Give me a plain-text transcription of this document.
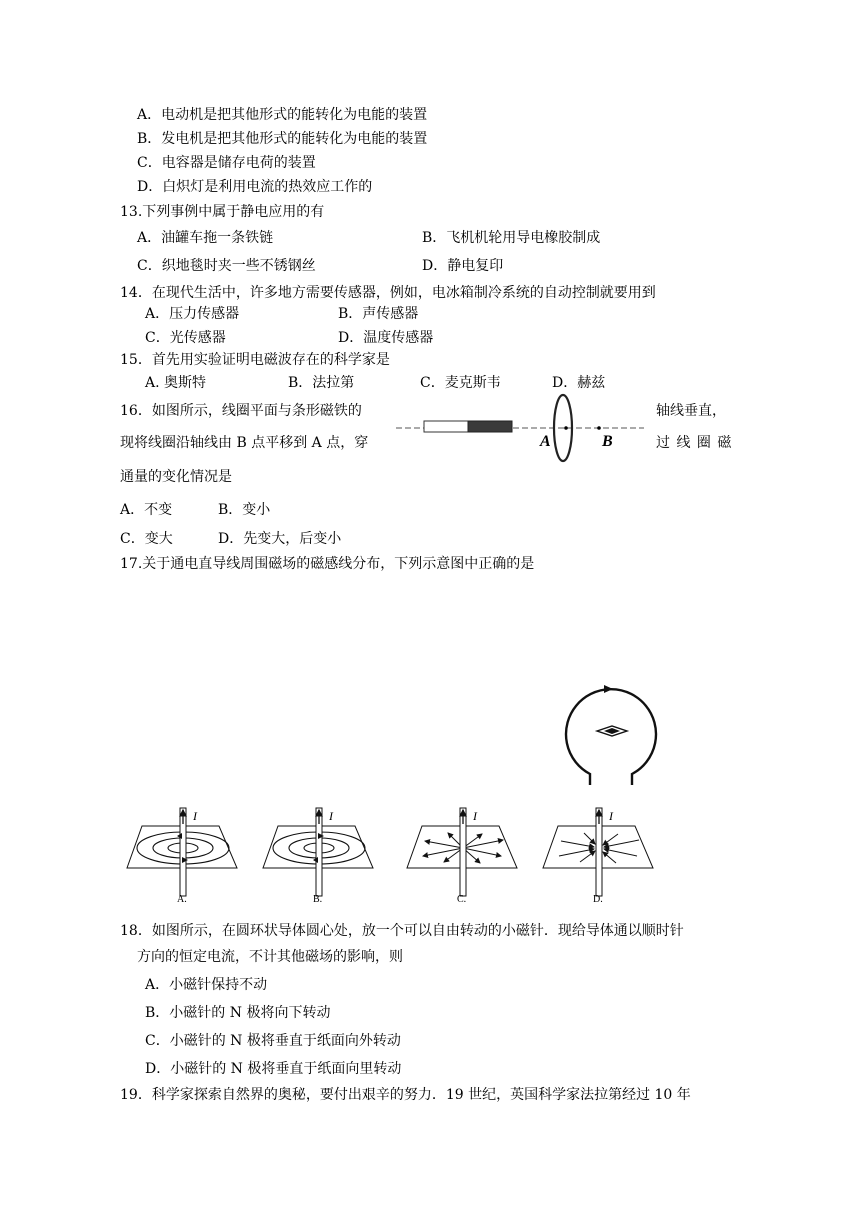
A．电动机是把其他形式的能转化为电能的装置
B．发电机是把其他形式的能转化为电能的装置
C．电容器是储存电荷的装置
D．白炽灯是利用电流的热效应工作的
13.下列事例中属于静电应用的有
A．油罐车拖一条铁链	B．飞机机轮用导电橡胶制成
C．织地毯时夹一些不锈钢丝	D．静电复印
14．在现代生活中，许多地方需要传感器，例如，电冰箱制冷系统的自动控制就要用到
A．压力传感器	B．声传感器
C．光传感器	D．温度传感器
15．首先用实验证明电磁波存在的科学家是
A. 奥斯特	B．法拉第	C．麦克斯韦	D．赫兹
16．如图所示，线圈平面与条形磁铁的	轴线垂直，
现将线圈沿轴线由 B 点平移到 A 点，穿	过 线 圈 磁
通量的变化情况是
A	B
A．不变	B．变小
C．变大	D．先变大，后变小
17.关于通电直导线周围磁场的磁感线分布，下列示意图中正确的是
I
A.
I
B.
I
C.
I
D.
18．如图所示，在圆环状导体圆心处，放一个可以自由转动的小磁针．现给导体通以顺时针
方向的恒定电流，不计其他磁场的影响，则
A．小磁针保持不动
B．小磁针的 N 极将向下转动
C．小磁针的 N 极将垂直于纸面向外转动
D．小磁针的 N 极将垂直于纸面向里转动
19．科学家探索自然界的奥秘，要付出艰辛的努力．19 世纪，英国科学家法拉第经过 10 年
